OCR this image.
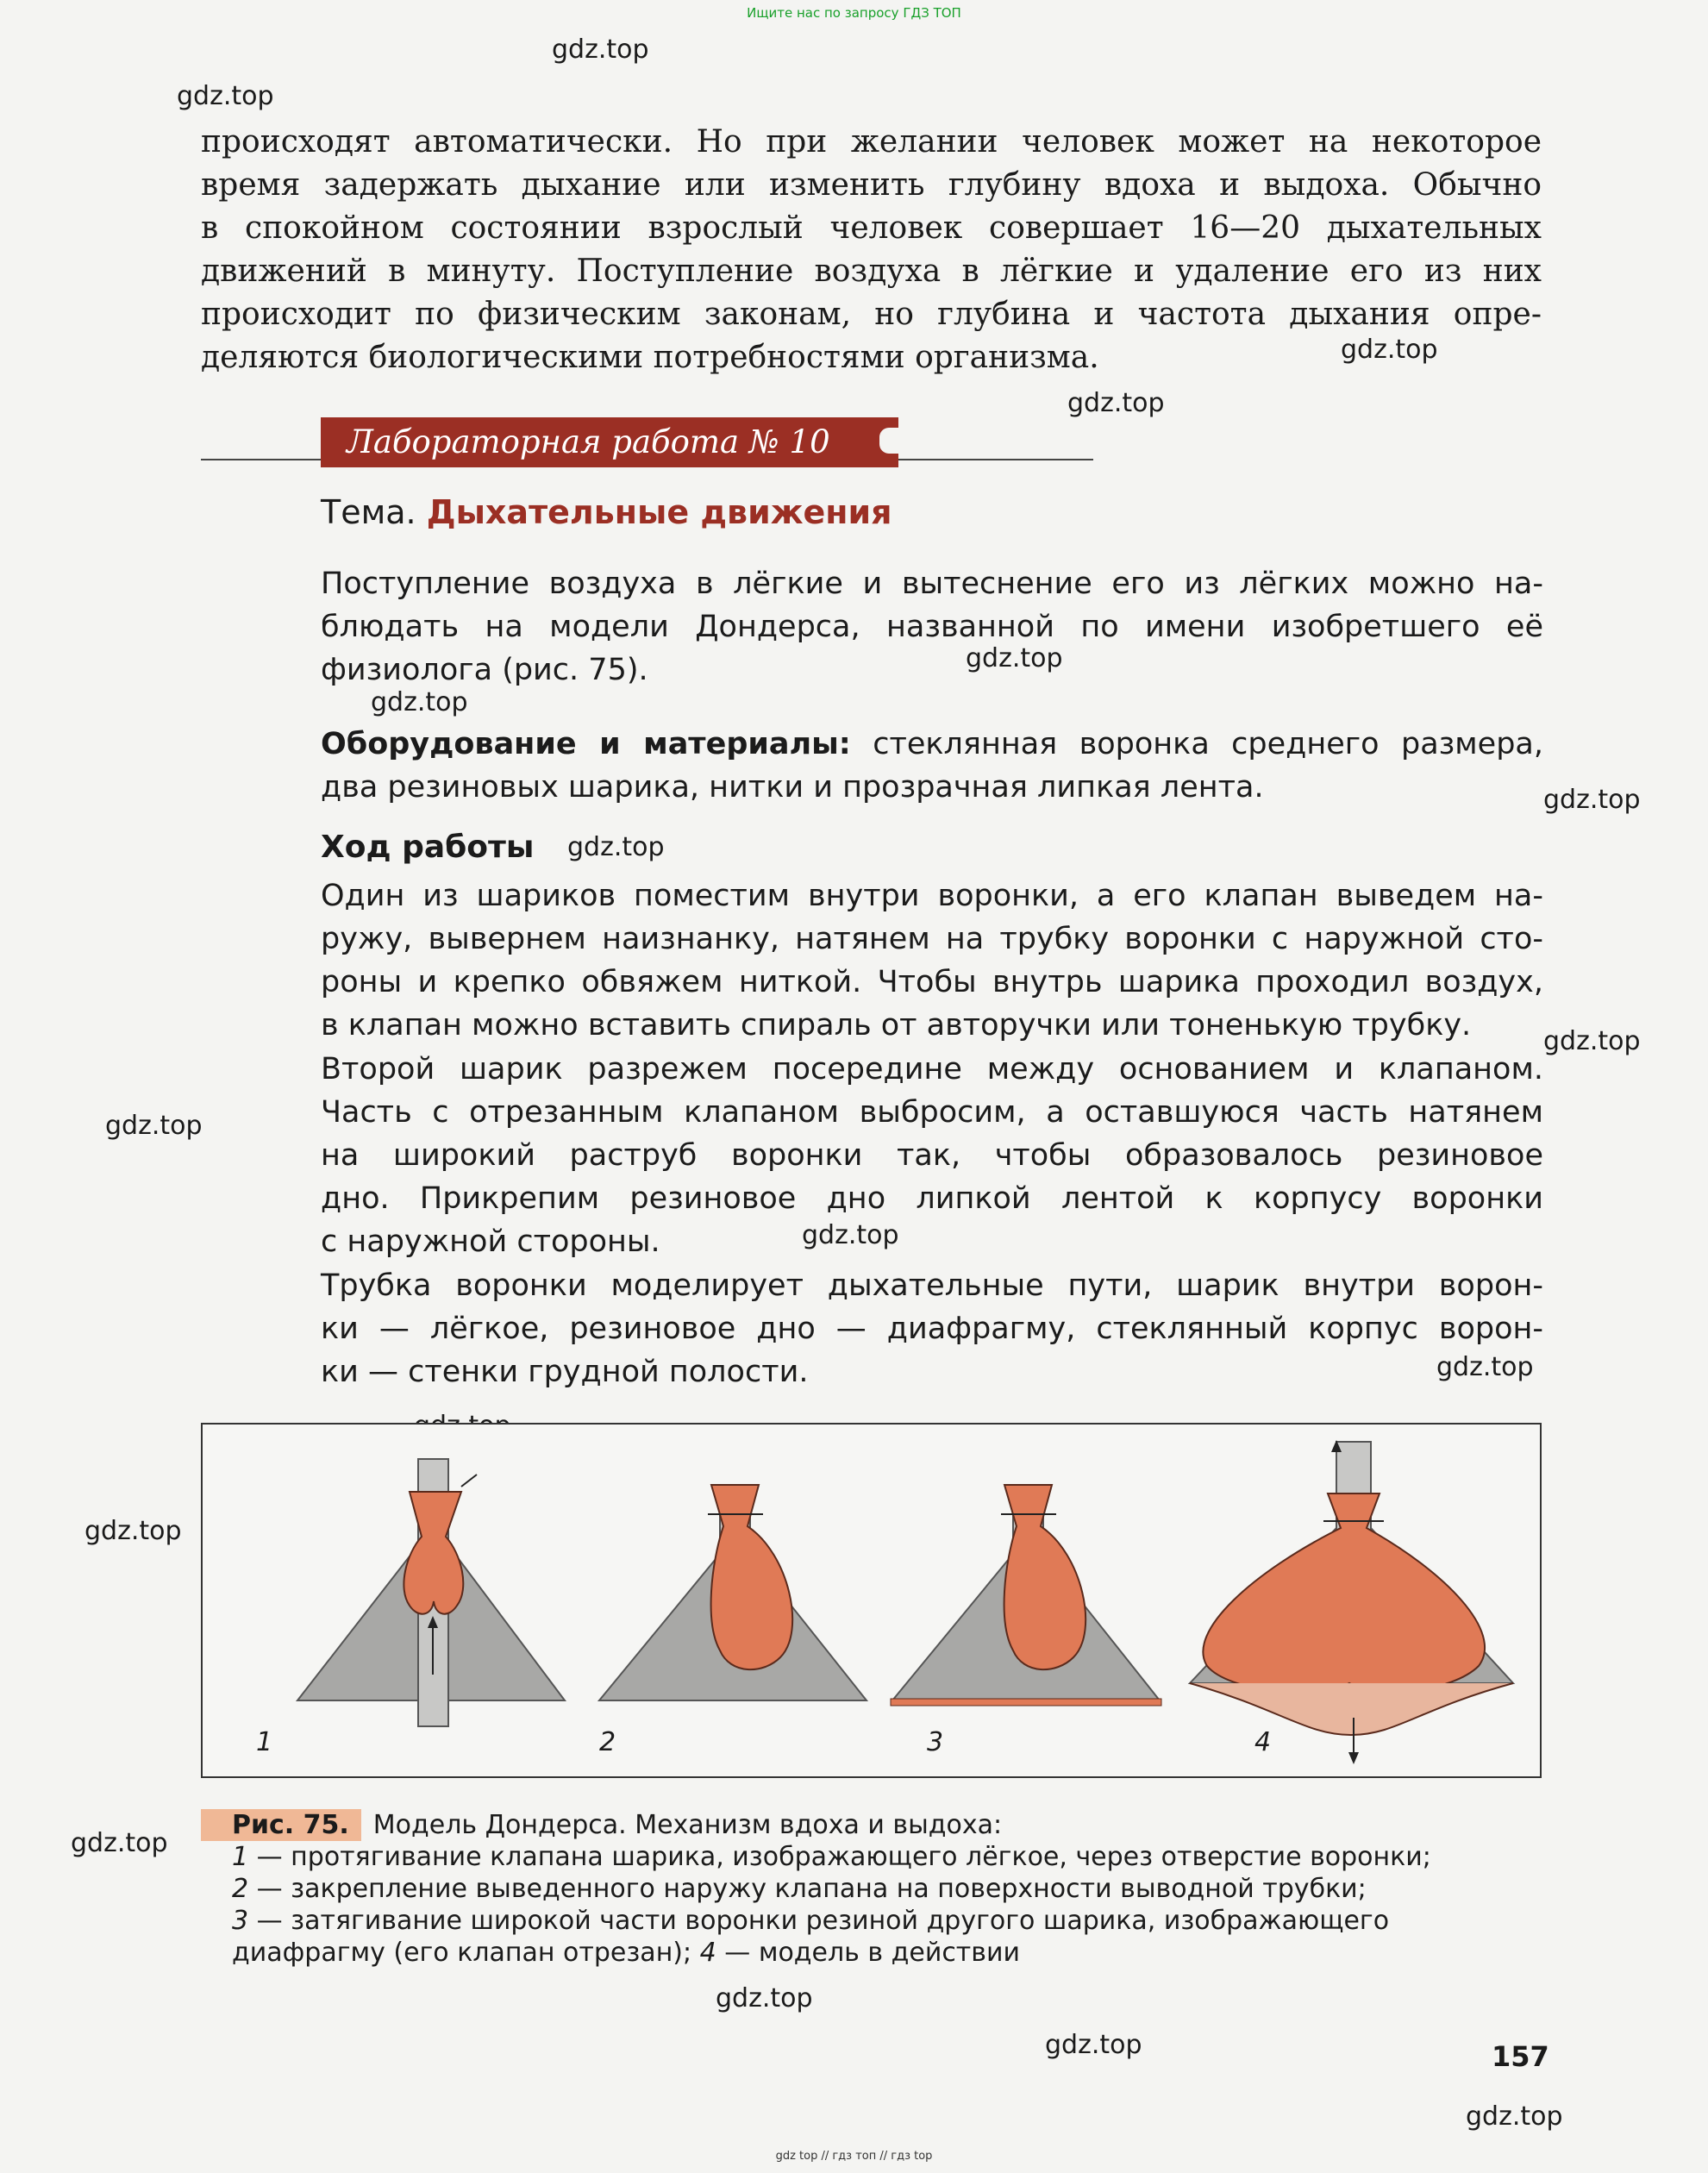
Ищите нас по запросу ГДЗ ТОП
gdz top // гдз топ // гдз top
gdz.top
gdz.top
gdz.top
gdz.top
gdz.top
gdz.top
gdz.top
gdz.top
gdz.top
gdz.top
gdz.top
gdz.top
gdz.top
gdz.top
gdz.top
gdz.top
gdz.top
происходят автоматически. Но при желании человек может на некоторое
время задержать дыхание или изменить глубину вдоха и выдоха. Обычно
в спокойном состоянии взрослый человек совершает 16—20 дыхательных
движений в минуту. Поступление воздуха в лёгкие и удаление его из них
происходит по физическим законам, но глубина и частота дыхания опре-
деляются биологическими потребностями организма.
Лабораторная работа № 10
Тема. Дыхательные движения
Поступление воздуха в лёгкие и вытеснение его из лёгких можно на-
блюдать на модели Дондерса, названной по имени изобретшего её
физиолога (рис. 75).
Оборудование и материалы: стеклянная воронка среднего размера,
два резиновых шарика, нитки и прозрачная липкая лента.
Ход работы
Один из шариков поместим внутри воронки, а его клапан выведем на-
ружу, вывернем наизнанку, натянем на трубку воронки с наружной сто-
роны и крепко обвяжем ниткой. Чтобы внутрь шарика проходил воздух,
в клапан можно вставить спираль от авторучки или тоненькую трубку.
Второй шарик разрежем посередине между основанием и клапаном.
Часть с отрезанным клапаном выбросим, а оставшуюся часть натянем
на широкий раструб воронки так, чтобы образовалось резиновое
дно. Прикрепим резиновое дно липкой лентой к корпусу воронки
с наружной стороны.
Трубка воронки моделирует дыхательные пути, шарик внутри ворон-
ки — лёгкое, резиновое дно — диафрагму, стеклянный корпус ворон-
ки — стенки грудной полости.
1	2	3	4
Рис. 75. Модель Дондерса. Механизм вдоха и выдоха:
1 — протягивание клапана шарика, изображающего лёгкое, через отверстие воронки;
2 — закрепление выведенного наружу клапана на поверхности выводной трубки;
3 — затягивание широкой части воронки резиной другого шарика, изображающего
диафрагму (его клапан отрезан); 4 — модель в действии
157
